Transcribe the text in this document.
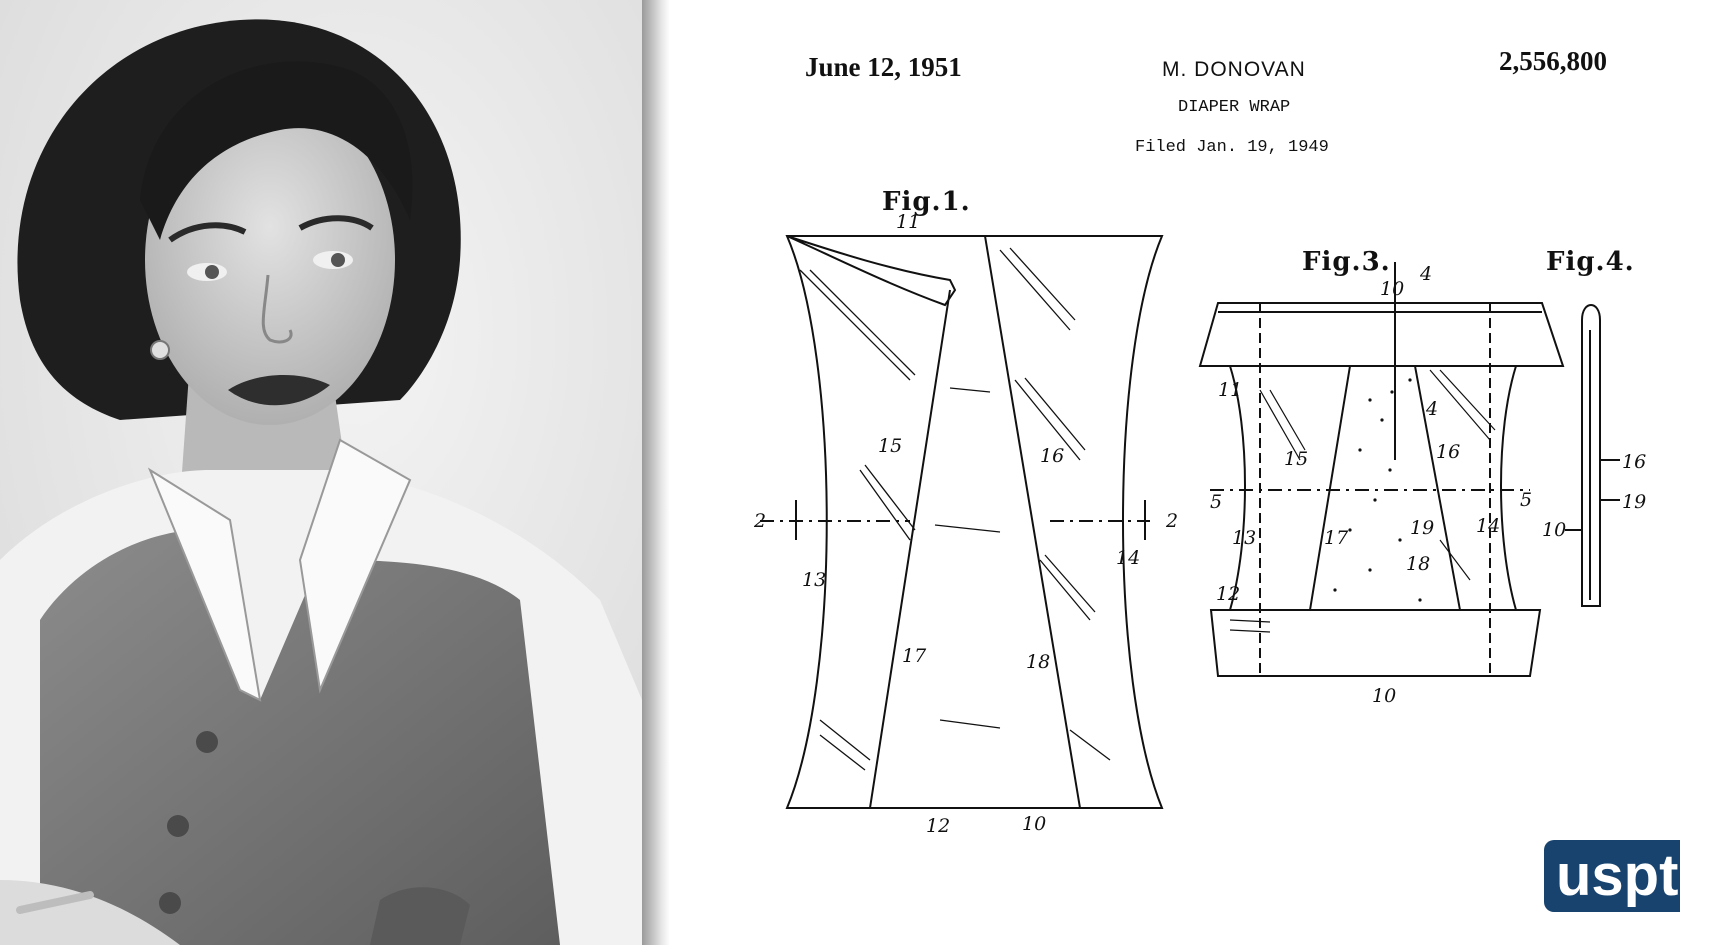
June 12, 1951	M. DONOVAN	2,556,800
DIAPER WRAP
Filed Jan. 19, 1949
Fig.1.
Fig.3.	Fig.4.
11
15	16
2	2
13
14
17	18
12	10
10
4
4
11
15	16
5	5
13	17	19 14
18
12
10
16
19
10
uspto
